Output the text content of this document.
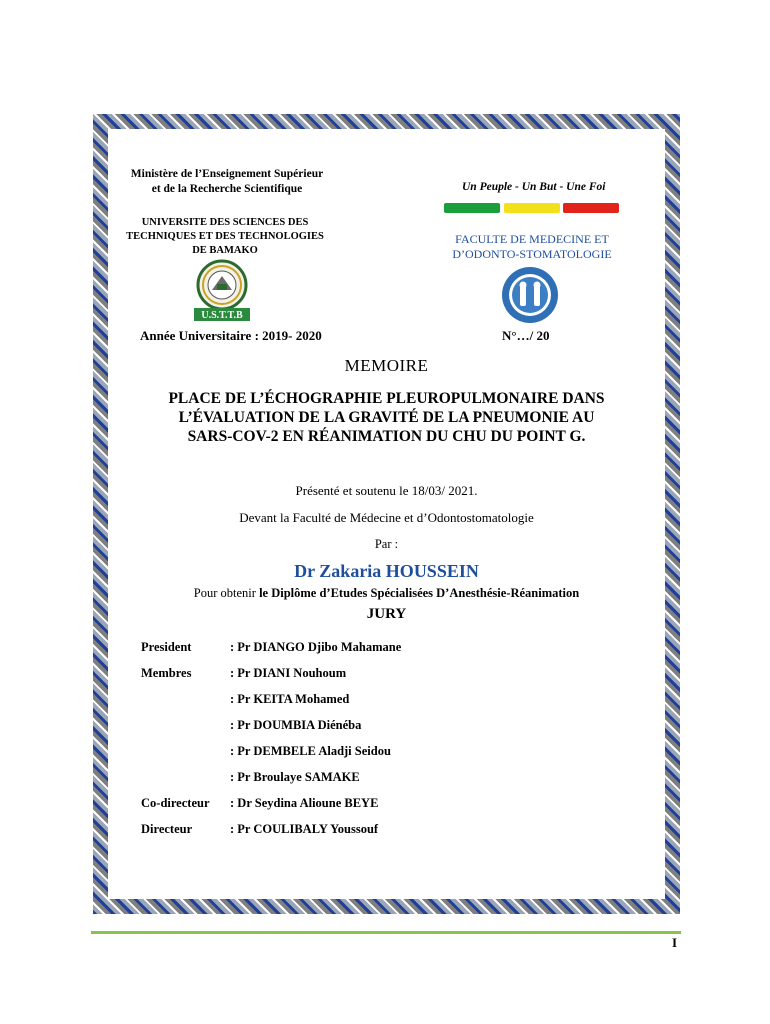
Ministère de l’Enseignement Supérieur
et de la Recherche Scientifique	Un Peuple - Un But - Une Foi
UNIVERSITE DES SCIENCES DES
TECHNIQUES ET DES TECHNOLOGIES
DE BAMAKO
FACULTE DE MEDECINE ET
D’ODONTO-STOMATOLOGIE
U.S.T.T.B
Année Universitaire : 2019- 2020	N°…/ 20
MEMOIRE
PLACE DE L’ÉCHOGRAPHIE PLEUROPULMONAIRE DANS L’ÉVALUATION DE LA GRAVITÉ DE LA PNEUMONIE AU SARS-COV-2 EN RÉANIMATION DU CHU DU POINT G.
Présenté et soutenu le 18/03/ 2021.
Devant la Faculté de Médecine et d’Odontostomatologie
Par :
Dr Zakaria HOUSSEIN
Pour obtenir le Diplôme d’Etudes Spécialisées D’Anesthésie-Réanimation
JURY
President	: Pr DIANGO Djibo Mahamane
Membres	: Pr DIANI Nouhoum
: Pr KEITA Mohamed
: Pr DOUMBIA Diénéba
: Pr DEMBELE Aladji Seidou
: Pr Broulaye SAMAKE
Co-directeur : Dr Seydina Alioune BEYE
Directeur	: Pr COULIBALY Youssouf
I
